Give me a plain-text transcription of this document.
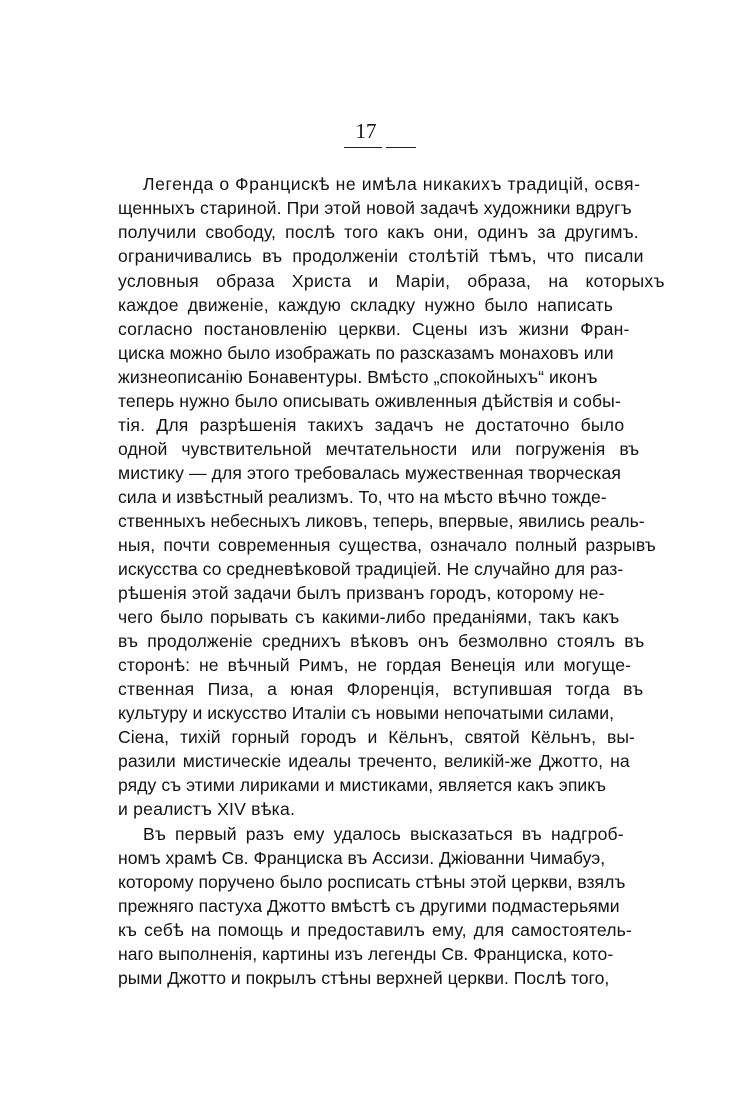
17
Легенда о Францискѣ не имѣла никакихъ традицій, освя-
щенныхъ стариной. При этой новой задачѣ художники вдругъ
получили свободу, послѣ того какъ они, одинъ за другимъ.
ограничивались въ продолженіи столѣтій тѣмъ, что писали
условныя образа Христа и Маріи, образа, на которыхъ
каждое движеніе, каждую складку нужно было написать
согласно постановленію церкви. Сцены изъ жизни Фран-
циска можно было изображать по разсказамъ монаховъ или
жизнеописанію Бонавентуры. Вмѣсто „спокойныхъ“ иконъ
теперь нужно было описывать оживленныя дѣйствія и собы-
тія. Для разрѣшенія такихъ задачъ не достаточно было
одной чувствительной мечтательности или погруженія въ
мистику — для этого требовалась мужественная творческая
сила и извѣстный реализмъ. То, что на мѣсто вѣчно тожде-
ственныхъ небесныхъ ликовъ, теперь, впервые, явились реаль-
ныя, почти современныя существа, означало полный разрывъ
искусства со средневѣковой традиціей. Не случайно для раз-
рѣшенія этой задачи былъ призванъ городъ, которому не-
чего было порывать съ какими-либо преданіями, такъ какъ
въ продолженіе среднихъ вѣковъ онъ безмолвно стоялъ въ
сторонѣ: не вѣчный Римъ, не гордая Венеція или могуще-
ственная Пиза, а юная Флоренція, вступившая тогда въ
культуру и искусство Италіи съ новыми непочатыми силами,
Сіена, тихій горный городъ и Кёльнъ, святой Кёльнъ, вы-
разили мистическіе идеалы треченто, великій-же Джотто, на
ряду съ этими лириками и мистиками, является какъ эпикъ
и реалистъ XIV вѣка.
Въ первый разъ ему удалось высказаться въ надгроб-
номъ храмѣ Св. Франциска въ Ассизи. Джіованни Чимабуэ,
которому поручено было росписать стѣны этой церкви, взялъ
прежняго пастуха Джотто вмѣстѣ съ другими подмастерьями
къ себѣ на помощь и предоставилъ ему, для самостоятель-
наго выполненія, картины изъ легенды Св. Франциска, кото-
рыми Джотто и покрылъ стѣны верхней церкви. Послѣ того,
